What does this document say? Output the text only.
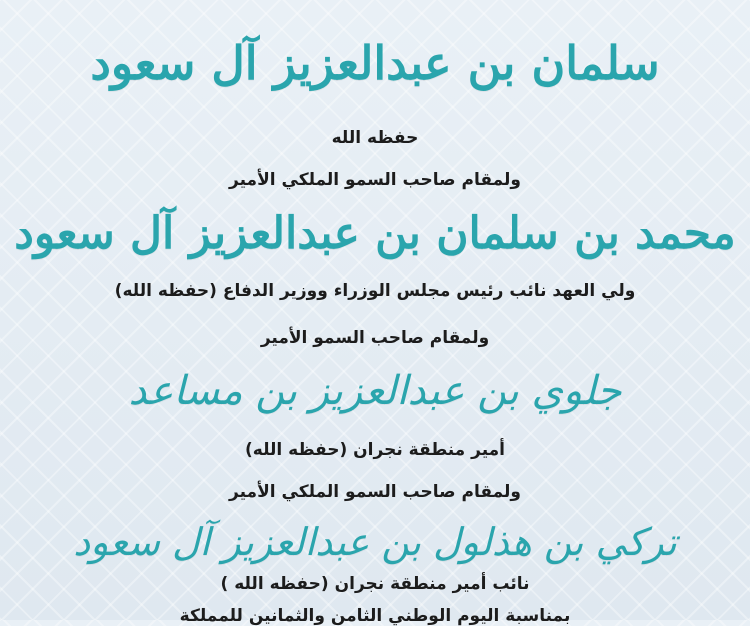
سلمان بن عبدالعزيز آل سعود
حفظه الله
ولمقام صاحب السمو الملكي الأمير
محمد بن سلمان بن عبدالعزيز آل سعود
ولي العهد نائب رئيس مجلس الوزراء ووزير الدفاع (حفظه الله)
ولمقام صاحب السمو الأمير
جلوي بن عبدالعزيز بن مساعد
أمير منطقة نجران (حفظه الله)
ولمقام صاحب السمو الملكي الأمير
تركي بن هذلول بن عبدالعزيز آل سعود
نائب أمير منطقة نجران (حفظه الله )
بمناسبة اليوم الوطني الثامن والثمانين للمملكة
